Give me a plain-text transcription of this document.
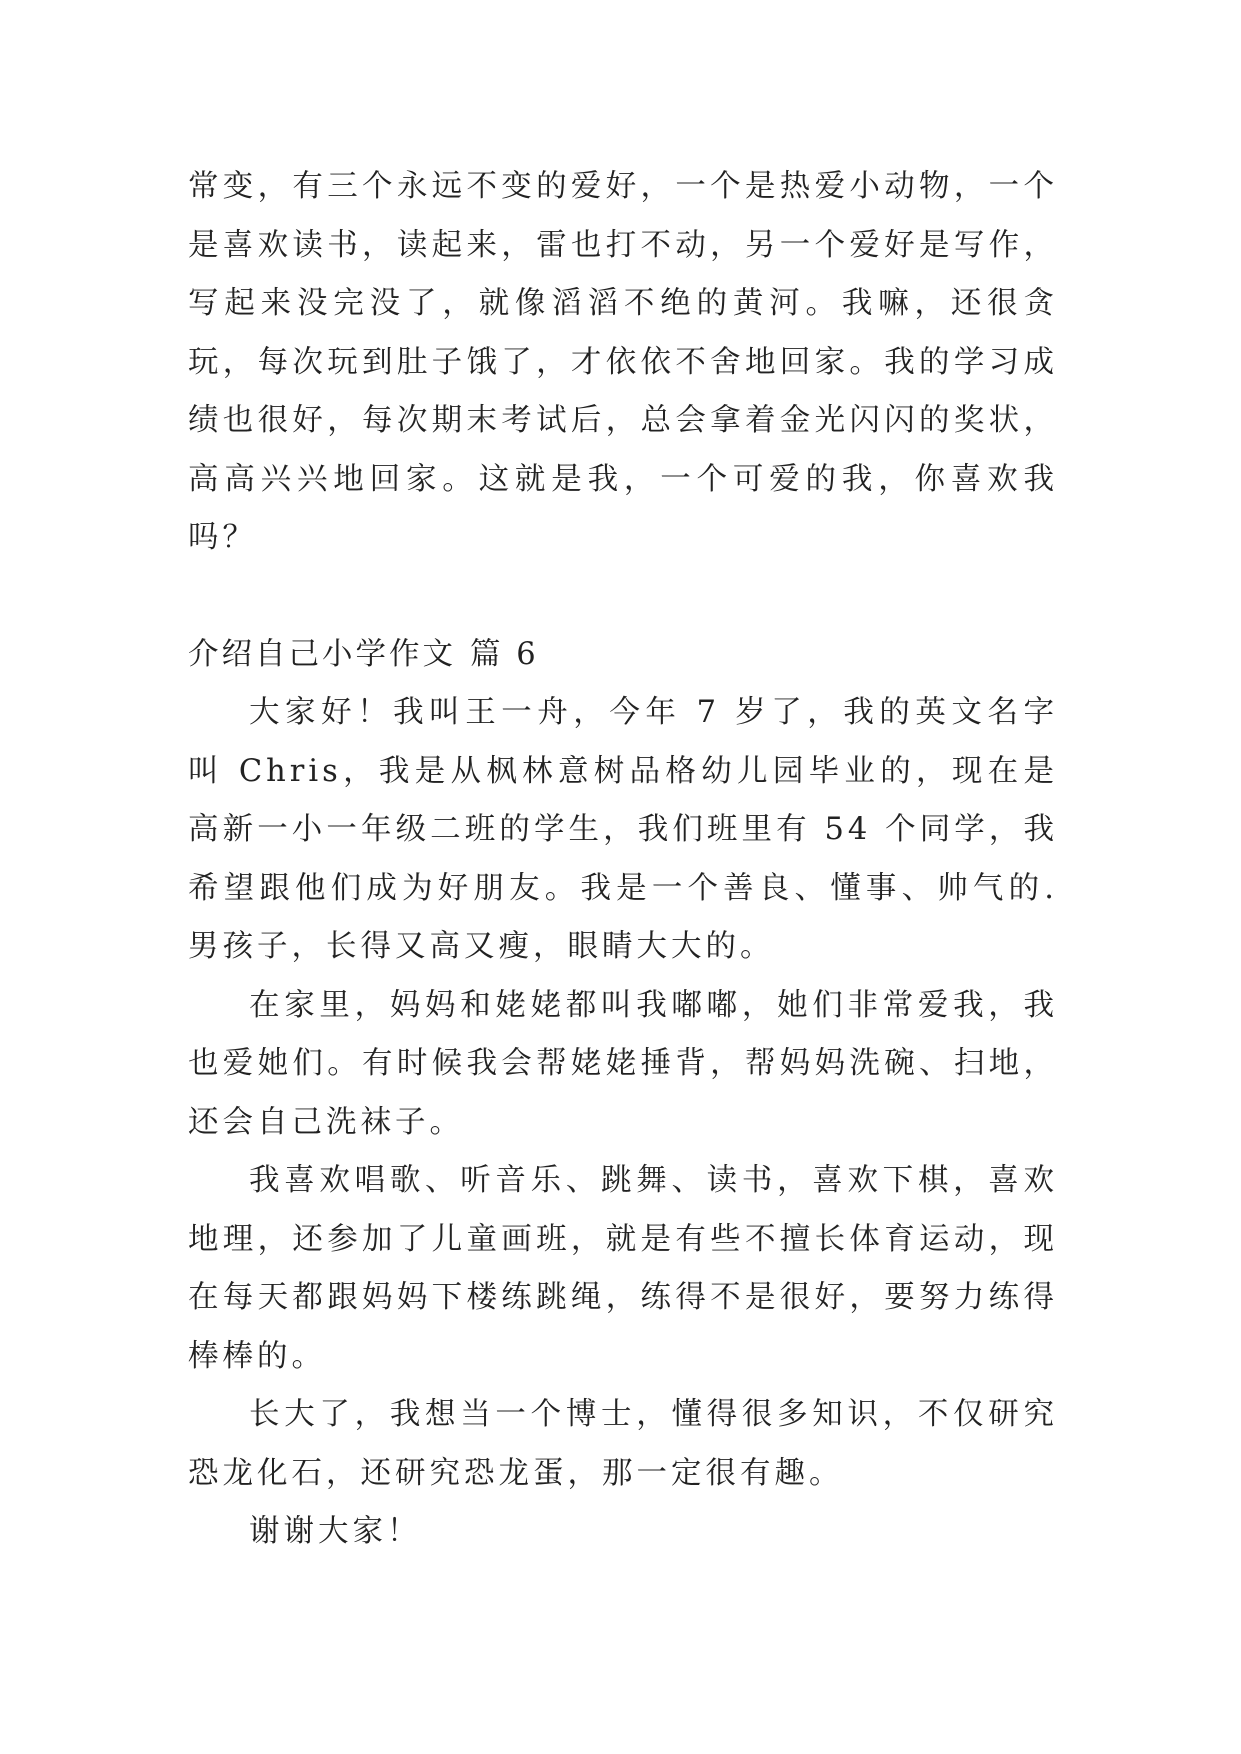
常变，有三个永远不变的爱好，一个是热爱小动物，一个是喜欢读书，读起来，雷也打不动，另一个爱好是写作，写起来没完没了，就像滔滔不绝的黄河。我嘛，还很贪玩，每次玩到肚子饿了，才依依不舍地回家。我的学习成绩也很好，每次期末考试后，总会拿着金光闪闪的奖状，高高兴兴地回家。这就是我，一个可爱的我，你喜欢我吗？

介绍自己小学作文 篇 6

大家好！我叫王一舟，今年 7 岁了，我的英文名字叫 Chris，我是从枫林意树品格幼儿园毕业的，现在是高新一小一年级二班的学生，我们班里有 54 个同学，我希望跟他们成为好朋友。我是一个善良、懂事、帅气的.男孩子，长得又高又瘦，眼睛大大的。

在家里，妈妈和姥姥都叫我嘟嘟，她们非常爱我，我也爱她们。有时候我会帮姥姥捶背，帮妈妈洗碗、扫地，还会自己洗袜子。

我喜欢唱歌、听音乐、跳舞、读书，喜欢下棋，喜欢地理，还参加了儿童画班，就是有些不擅长体育运动，现在每天都跟妈妈下楼练跳绳，练得不是很好，要努力练得棒棒的。

长大了，我想当一个博士，懂得很多知识，不仅研究恐龙化石，还研究恐龙蛋，那一定很有趣。

谢谢大家！
